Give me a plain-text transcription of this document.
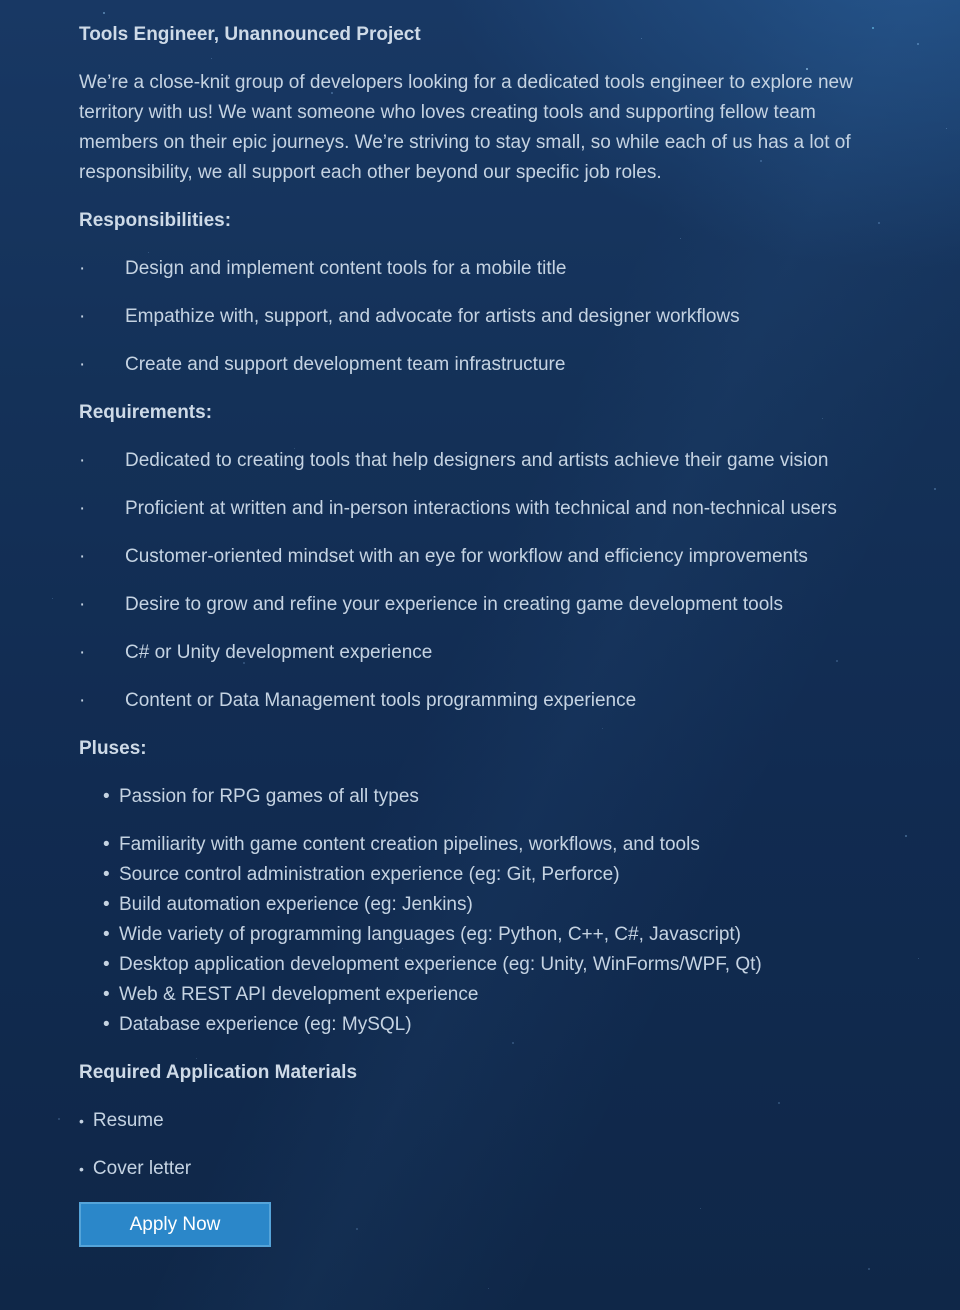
Tools Engineer, Unannounced Project

We’re a close-knit group of developers looking for a dedicated tools engineer to explore new territory with us! We want someone who loves creating tools and supporting fellow team members on their epic journeys. We’re striving to stay small, so while each of us has a lot of responsibility, we all support each other beyond our specific job roles.

Responsibilities:
·	Design and implement content tools for a mobile title
·	Empathize with, support, and advocate for artists and designer workflows
·	Create and support development team infrastructure
Requirements:
·	Dedicated to creating tools that help designers and artists achieve their game vision
·	Proficient at written and in-person interactions with technical and non-technical users
·	Customer-oriented mindset with an eye for workflow and efficiency improvements
·	Desire to grow and refine your experience in creating game development tools
·	C# or Unity development experience
·	Content or Data Management tools programming experience
Pluses:
• Passion for RPG games of all types
• Familiarity with game content creation pipelines, workflows, and tools
• Source control administration experience (eg: Git, Perforce)
• Build automation experience (eg: Jenkins)
• Wide variety of programming languages (eg: Python, C++, C#, Javascript)
• Desktop application development experience (eg: Unity, WinForms/WPF, Qt)
• Web & REST API development experience
• Database experience (eg: MySQL)
Required Application Materials
• Resume
• Cover letter
Apply Now
